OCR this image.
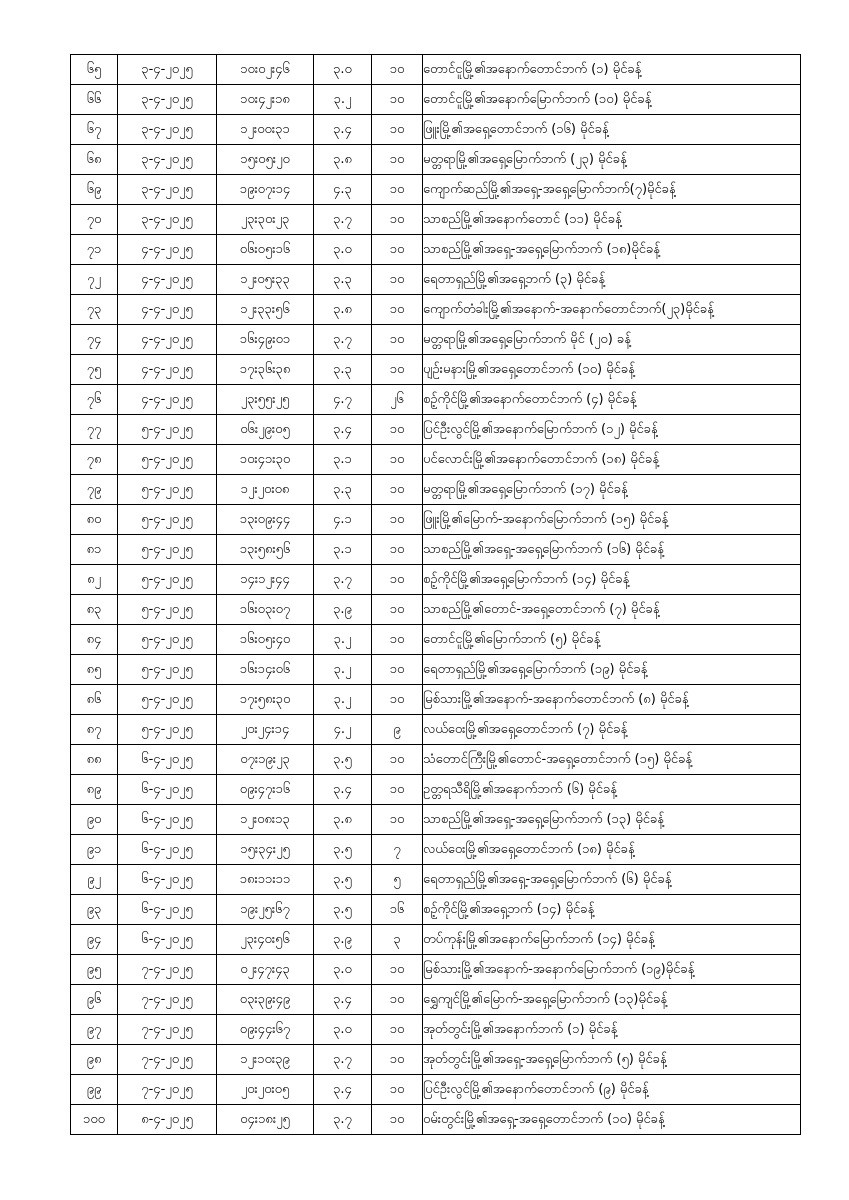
၆၅	၃-၄-၂၀၂၅	၁၀း၀၂း၄၆	၃.၀	၁၀	တောင်ငူမြို့၏အနောက်တောင်ဘက် (၁) မိုင်ခန့်
၆၆	၃-၄-၂၀၂၅	၁၀း၄၂း၁၈	၃.၂	၁၀	တောင်ငူမြို့၏အနောက်မြောက်ဘက် (၁၀) မိုင်ခန့်
၆၇	၃-၄-၂၀၂၅	၁၂း၀၀း၃၁	၃.၄	၁၀	ဖြူးမြို့၏အရှေ့တောင်ဘက် (၁၆) မိုင်ခန့်
၆၈	၃-၄-၂၀၂၅	၁၅း၀၅း၂၀	၃.၈	၁၀	မတ္တရာမြို့၏အရှေ့မြောက်ဘက် (၂၃) မိုင်ခန့်
၆၉	၃-၄-၂၀၂၅	၁၉း၀၇း၁၄	၄.၃	၁၀	ကျောက်ဆည်မြို့၏အရှေ့-အရှေ့မြောက်ဘက်(၇)မိုင်ခန့်
၇၀	၃-၄-၂၀၂၅	၂၃း၃၀း၂၃	၃.၇	၁၀	သာစည်မြို့၏အနောက်တောင် (၁၁) မိုင်ခန့်
၇၁	၄-၄-၂၀၂၅	၀၆း၀၅း၁၆	၃.၀	၁၀	သာစည်မြို့၏အရှေ့-အရှေ့မြောက်ဘက် (၁၈)မိုင်ခန့်
၇၂	၄-၄-၂၀၂၅	၁၂း၀၅း၃၃	၃.၃	၁၀	ရေတာရှည်မြို့၏အရှေ့ဘက် (၃) မိုင်ခန့်
၇၃	၄-၄-၂၀၂၅	၁၂း၃၃း၅၆	၃.၈	၁၀	ကျောက်တံခါးမြို့၏အနောက်-အနောက်တောင်ဘက်(၂၃)မိုင်ခန့်
၇၄	၄-၄-၂၀၂၅	၁၆း၄၉း၀၁	၃.၇	၁၀	မတ္တရာမြို့၏အရှေ့မြောက်ဘက် မိုင် (၂၀) ခန့်
၇၅	၄-၄-၂၀၂၅	၁၇း၃၆း၃၈	၃.၃	၁၀	ပျဉ်းမနားမြို့၏အရှေ့တောင်ဘက် (၁၀) မိုင်ခန့်
၇၆	၄-၄-၂၀၂၅	၂၃း၅၅း၂၅	၄.၇	၂၆	စဉ့်ကိုင်မြို့၏အနောက်တောင်ဘက် (၄) မိုင်ခန့်
၇၇	၅-၄-၂၀၂၅	၀၆း၂၉း၀၅	၃.၄	၁၀	ပြင်ဦးလွင်မြို့၏အနောက်မြောက်ဘက် (၁၂) မိုင်ခန့်
၇၈	၅-၄-၂၀၂၅	၁၀း၄၁း၃၀	၃.၁	၁၀	ပင်လောင်းမြို့၏အနောက်တောင်ဘက် (၁၈) မိုင်ခန့်
၇၉	၅-၄-၂၀၂၅	၁၂း၂၀း၀၈	၃.၃	၁၀	မတ္တရာမြို့၏အရှေ့မြောက်ဘက် (၁၇) မိုင်ခန့်
၈၀	၅-၄-၂၀၂၅	၁၃း၀၉း၄၄	၄.၁	၁၀	ဖြူးမြို့၏မြောက်-အနောက်မြောက်ဘက် (၁၅) မိုင်ခန့်
၈၁	၅-၄-၂၀၂၅	၁၃း၅၈း၅၆	၃.၁	၁၀	သာစည်မြို့၏အရှေ့-အရှေ့မြောက်ဘက် (၁၆) မိုင်ခန့်
၈၂	၅-၄-၂၀၂၅	၁၄း၁၂း၄၄	၃.၇	၁၀	စဉ့်ကိုင်မြို့၏အရှေ့မြောက်ဘက် (၁၄) မိုင်ခန့်
၈၃	၅-၄-၂၀၂၅	၁၆း၀၃း၀၇	၃.၉	၁၀	သာစည်မြို့၏တောင်-အရှေ့တောင်ဘက် (၇) မိုင်ခန့်
၈၄	၅-၄-၂၀၂၅	၁၆း၀၅း၄၀	၃.၂	၁၀	တောင်ငူမြို့၏မြောက်ဘက် (၅) မိုင်ခန့်
၈၅	၅-၄-၂၀၂၅	၁၆း၁၄း၀၆	၃.၂	၁၀	ရေတာရှည်မြို့၏အရှေ့မြောက်ဘက် (၁၉) မိုင်ခန့်
၈၆	၅-၄-၂၀၂၅	၁၇း၅၈း၃၀	၃.၂	၁၀	မြစ်သားမြို့၏အနောက်-အနောက်တောင်ဘက် (၈) မိုင်ခန့်
၈၇	၅-၄-၂၀၂၅	၂၀း၂၄း၁၄	၄.၂	၉	လယ်ဝေးမြို့၏အရှေ့တောင်ဘက် (၇) မိုင်ခန့်
၈၈	၆-၄-၂၀၂၅	၀၇း၁၉း၂၃	၃.၅	၁၀	သံတောင်ကြီးမြို့၏တောင်-အရှေ့တောင်ဘက် (၁၅) မိုင်ခန့်
၈၉	၆-၄-၂၀၂၅	၀၉း၄၇း၁၆	၃.၄	၁၀	ဥတ္တရသီရိမြို့၏အနောက်ဘက် (၆) မိုင်ခန့်
၉၀	၆-၄-၂၀၂၅	၁၂း၀၈း၁၃	၃.၈	၁၀	သာစည်မြို့၏အရှေ့-အရှေ့မြောက်ဘက် (၁၃) မိုင်ခန့်
၉၁	၆-၄-၂၀၂၅	၁၅း၃၄း၂၅	၃.၅	၇	လယ်ဝေးမြို့၏အရှေ့တောင်ဘက် (၁၈) မိုင်ခန့်
၉၂	၆-၄-၂၀၂၅	၁၈း၁၁း၁၁	၃.၅	၅	ရေတာရှည်မြို့၏အရှေ့-အရှေ့မြောက်ဘက် (၆) မိုင်ခန့်
၉၃	၆-၄-၂၀၂၅	၁၉း၂၅း၆၇	၃.၅	၁၆	စဉ့်ကိုင်မြို့၏အရှေ့ဘက် (၁၄) မိုင်ခန့်
၉၄	၆-၄-၂၀၂၅	၂၃း၄၀း၅၆	၃.၉	၃	တပ်ကုန်းမြို့၏အနောက်မြောက်ဘက် (၁၄) မိုင်ခန့်
၉၅	၇-၄-၂၀၂၅	၀၂း၄၇း၄၃	၃.၀	၁၀	မြစ်သားမြို့၏အနောက်-အနောက်မြောက်ဘက် (၁၉)မိုင်ခန့်
၉၆	၇-၄-၂၀၂၅	၀၃း၃၉း၄၉	၃.၄	၁၀	ရွှေကျင်မြို့၏မြောက်-အရှေ့မြောက်ဘက် (၁၃)မိုင်ခန့်
၉၇	၇-၄-၂၀၂၅	၀၉း၄၄း၆၇	၃.၀	၁၀	အုတ်တွင်းမြို့၏အနောက်ဘက် (၁) မိုင်ခန့်
၉၈	၇-၄-၂၀၂၅	၁၂း၁၀း၃၉	၃.၇	၁၀	အုတ်တွင်းမြို့၏အရှေ့-အရှေ့မြောက်ဘက် (၅) မိုင်ခန့်
၉၉	၇-၄-၂၀၂၅	၂၀း၂၀း၀၅	၃.၄	၁၀	ပြင်ဦးလွင်မြို့၏အနောက်တောင်ဘက် (၉) မိုင်ခန့်
၁၀၀	၈-၄-၂၀၂၅	၀၄း၁၈း၂၅	၃.၇	၁၀	ဝမ်းတွင်းမြို့၏အရှေ့-အရှေ့တောင်ဘက် (၁၀) မိုင်ခန့်
